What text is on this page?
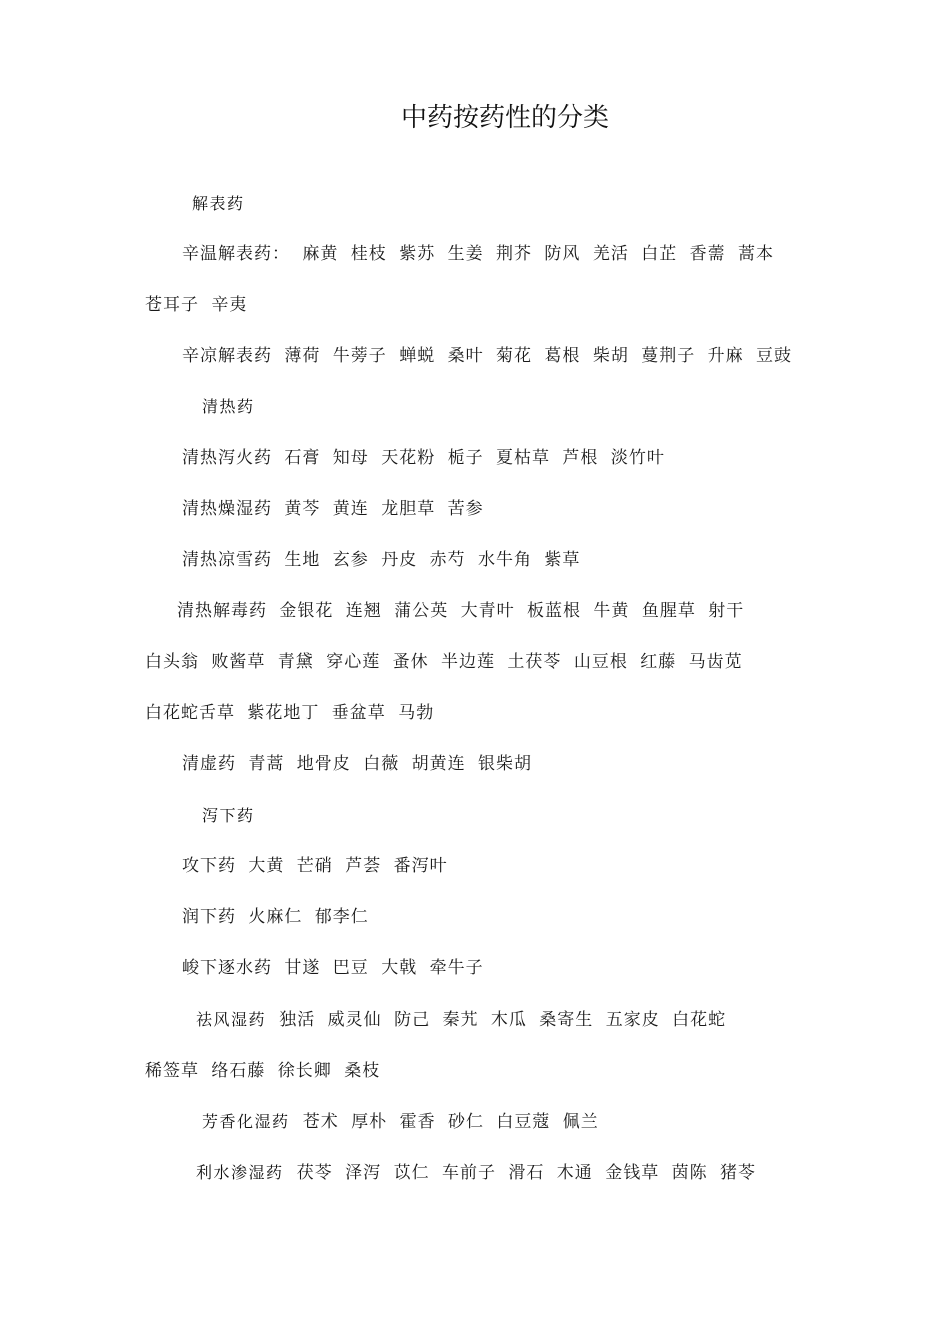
中药按药性的分类
解表药
辛温解表药： 麻黄 桂枝 紫苏 生姜 荆芥 防风 羌活 白芷 香薷 蒿本
苍耳子 辛夷
辛凉解表药 薄荷 牛蒡子 蝉蜕 桑叶 菊花 葛根 柴胡 蔓荆子 升麻 豆豉
清热药
清热泻火药 石膏 知母 天花粉 栀子 夏枯草 芦根 淡竹叶
清热燥湿药 黄芩 黄连 龙胆草 苦参
清热凉雪药 生地 玄参 丹皮 赤芍 水牛角 紫草
清热解毒药 金银花 连翘 蒲公英 大青叶 板蓝根 牛黄 鱼腥草 射干
白头翁 败酱草 青黛 穿心莲 蚤休 半边莲 土茯苓 山豆根 红藤 马齿苋
白花蛇舌草 紫花地丁 垂盆草 马勃
清虚药 青蒿 地骨皮 白薇 胡黄连 银柴胡
泻下药
攻下药 大黄 芒硝 芦荟 番泻叶
润下药 火麻仁 郁李仁
峻下逐水药 甘遂 巴豆 大戟 牵牛子
祛风湿药 独活 威灵仙 防己 秦艽 木瓜 桑寄生 五家皮 白花蛇
稀签草 络石藤 徐长卿 桑枝
芳香化湿药 苍术 厚朴 霍香 砂仁 白豆蔻 佩兰
利水渗湿药 茯苓 泽泻 苡仁 车前子 滑石 木通 金钱草 茵陈 猪苓
